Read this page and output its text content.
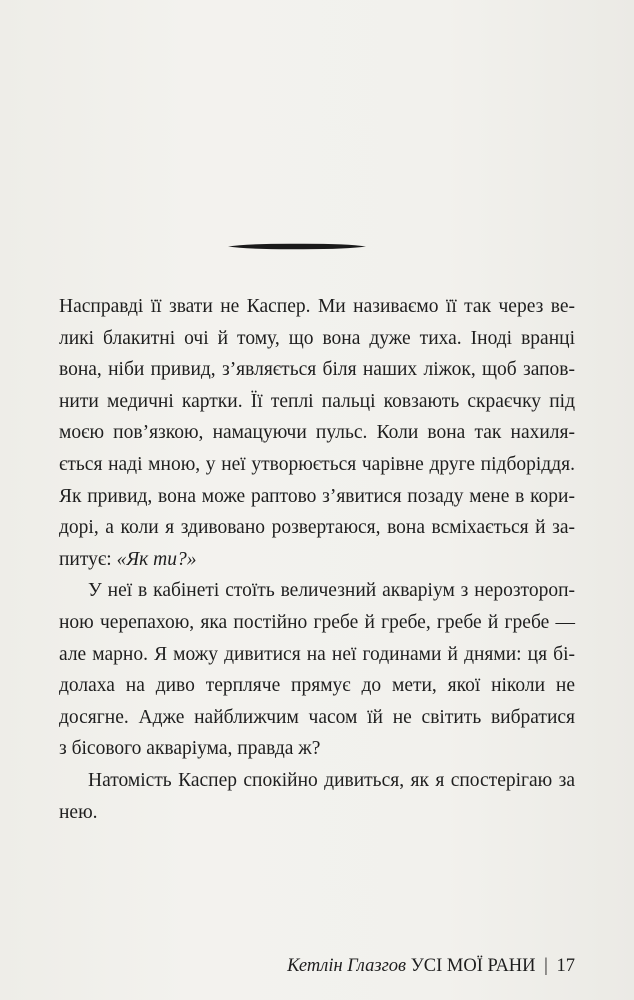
Насправді її звати не Каспер. Ми називаємо її так через ве-
ликі блакитні очі й тому, що вона дуже тиха. Іноді вранці
вона, ніби привид, з’являється біля наших ліжок, щоб запов-
нити медичні картки. Її теплі пальці ковзають скраєчку під
моєю пов’язкою, намацуючи пульс. Коли вона так нахиля-
ється наді мною, у неї утворюється чарівне друге підборіддя.
Як привид, вона може раптово з’явитися позаду мене в кори-
дорі, а коли я здивовано розвертаюся, вона всміхається й за-
питує: «Як ти?»

У неї в кабінеті стоїть величезний акваріум з нерозтороп-
ною черепахою, яка постійно гребе й гребе, гребе й гребе —
але марно. Я можу дивитися на неї годинами й днями: ця бі-
долаха на диво терпляче прямує до мети, якої ніколи не
досягне. Адже найближчим часом їй не світить вибратися
з бісового акваріума, правда ж?

Натомість Каспер спокійно дивиться, як я спостерігаю за
нею.

Кетлін Глазгов УСІ МОЇ РАНИ | 17
